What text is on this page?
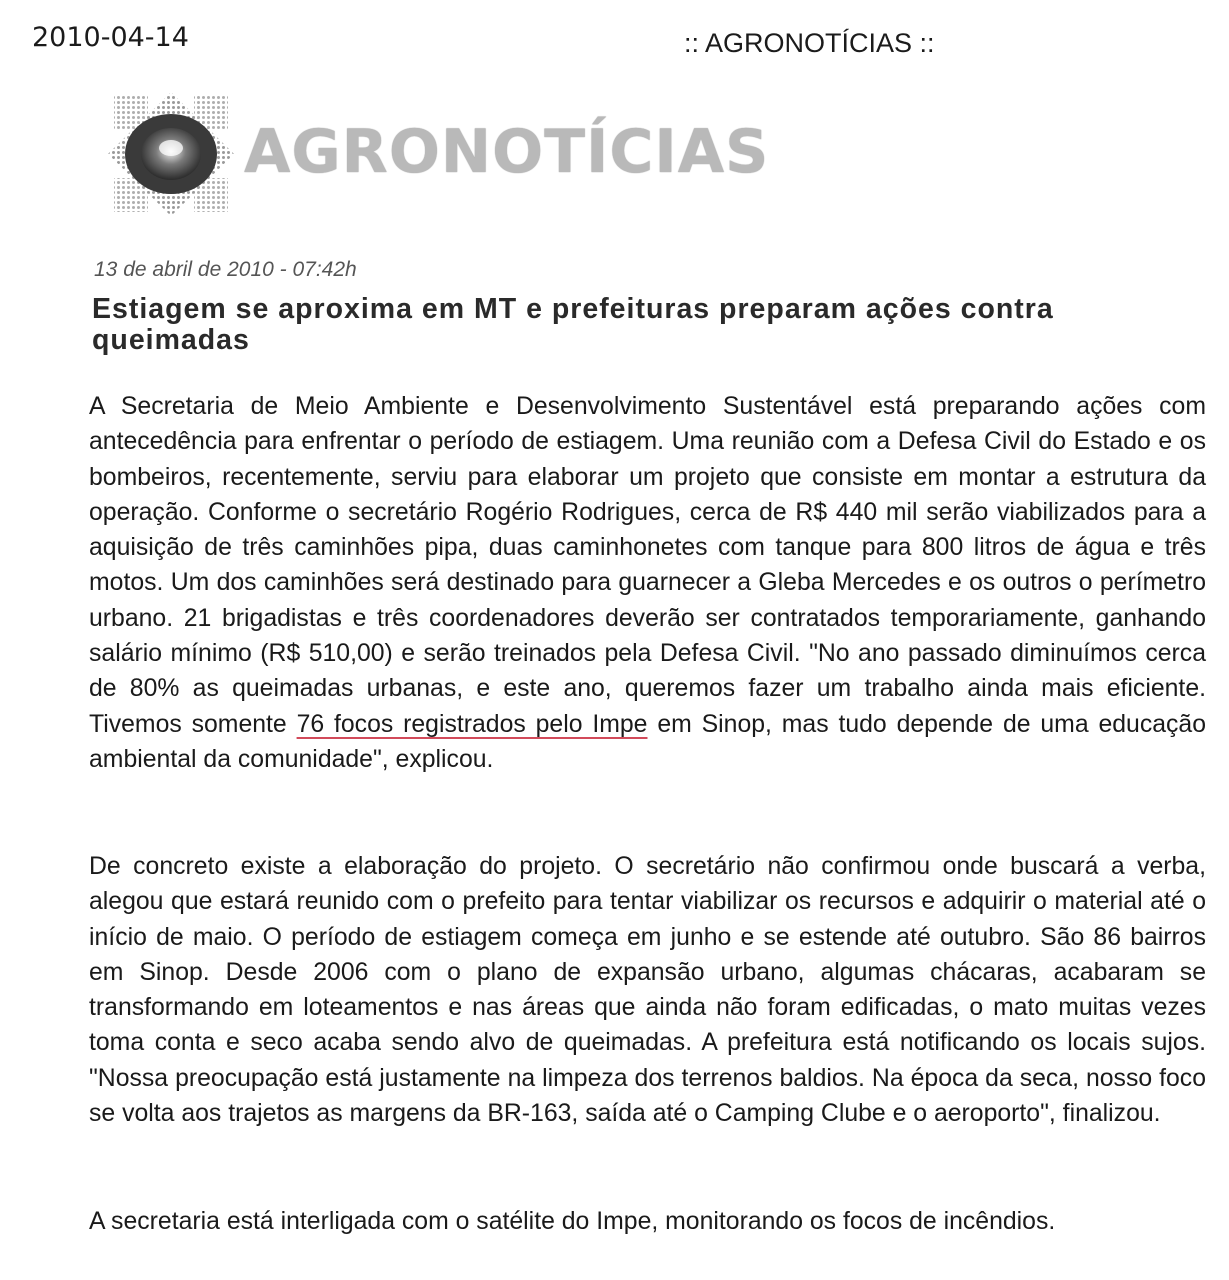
2010-04-14	:: AGRONOTÍCIAS ::
AGRONOTÍCIAS
13 de abril de 2010 - 07:42h
Estiagem se aproxima em MT e prefeituras preparam ações contra queimadas
A Secretaria de Meio Ambiente e Desenvolvimento Sustentável está preparando ações com antecedência para enfrentar o período de estiagem. Uma reunião com a Defesa Civil do Estado e os bombeiros, recentemente, serviu para elaborar um projeto que consiste em montar a estrutura da operação. Conforme o secretário Rogério Rodrigues, cerca de R$ 440 mil serão viabilizados para a aquisição de três caminhões pipa, duas caminhonetes com tanque para 800 litros de água e três motos. Um dos caminhões será destinado para guarnecer a Gleba Mercedes e os outros o perímetro urbano. 21 brigadistas e três coordenadores deverão ser contratados temporariamente, ganhando salário mínimo (R$ 510,00) e serão treinados pela Defesa Civil. "No ano passado diminuímos cerca de 80% as queimadas urbanas, e este ano, queremos fazer um trabalho ainda mais eficiente. Tivemos somente 76 focos registrados pelo Impe em Sinop, mas tudo depende de uma educação ambiental da comunidade", explicou.
De concreto existe a elaboração do projeto. O secretário não confirmou onde buscará a verba, alegou que estará reunido com o prefeito para tentar viabilizar os recursos e adquirir o material até o início de maio. O período de estiagem começa em junho e se estende até outubro. São 86 bairros em Sinop. Desde 2006 com o plano de expansão urbano, algumas chácaras, acabaram se transformando em loteamentos e nas áreas que ainda não foram edificadas, o mato muitas vezes toma conta e seco acaba sendo alvo de queimadas. A prefeitura está notificando os locais sujos. "Nossa preocupação está justamente na limpeza dos terrenos baldios. Na época da seca, nosso foco se volta aos trajetos as margens da BR-163, saída até o Camping Clube e o aeroporto", finalizou.
A secretaria está interligada com o satélite do Impe, monitorando os focos de incêndios.
